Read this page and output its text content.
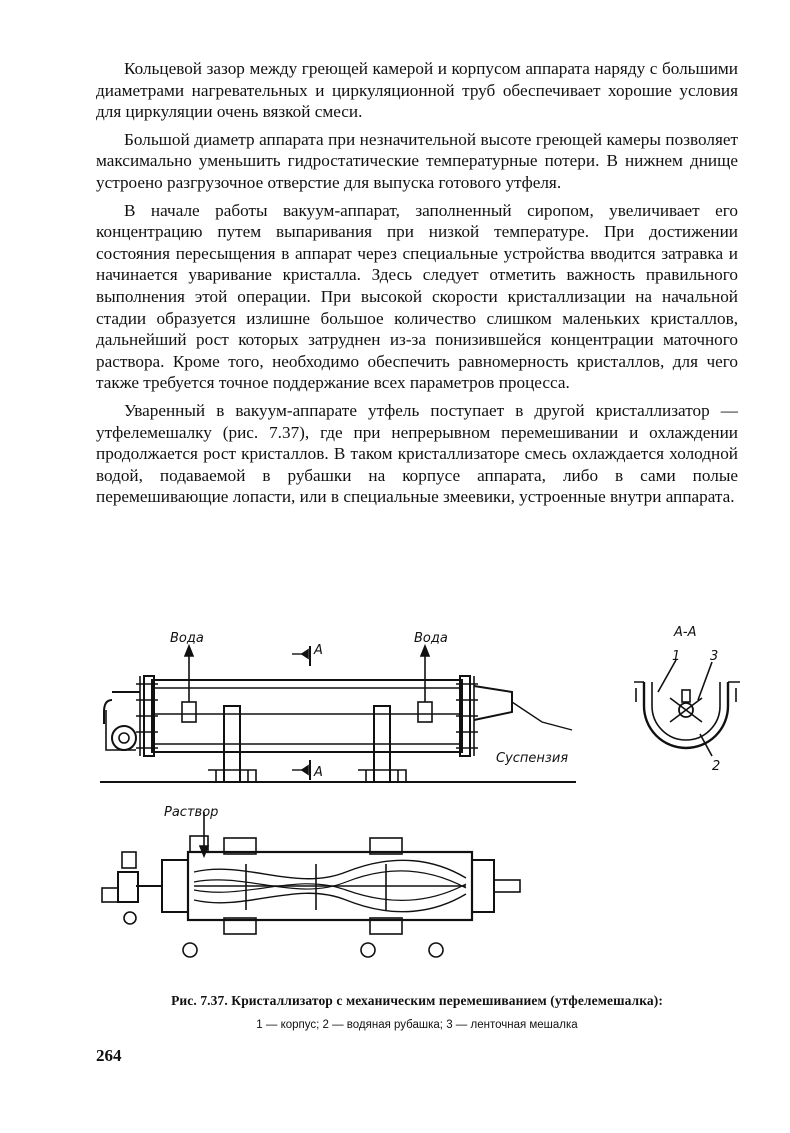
Кольцевой зазор между греющей камерой и корпусом аппарата наряду с большими диаметрами нагревательных и циркуляционной труб обеспечивает хорошие условия для циркуляции очень вязкой смеси.

Большой диаметр аппарата при незначительной высоте греющей камеры позволяет максимально уменьшить гидростатические температурные потери. В нижнем днище устроено разгрузочное отверстие для выпуска готового утфеля.

В начале работы вакуум-аппарат, заполненный сиропом, увеличивает его концентрацию путем выпаривания при низкой температуре. При достижении состояния пересыщения в аппарат через специальные устройства вводится затравка и начинается уваривание кристалла. Здесь следует отметить важность правильного выполнения этой операции. При высокой скорости кристаллизации на начальной стадии образуется излишне большое количество слишком маленьких кристаллов, дальнейший рост которых затруднен из-за понизившейся концентрации маточного раствора. Кроме того, необходимо обеспечить равномерность кристаллов, для чего также требуется точное поддержание всех параметров процесса.

Уваренный в вакуум-аппарате утфель поступает в другой кристаллизатор — утфелемешалку (рис. 7.37), где при непрерывном перемешивании и охлаждении продолжается рост кристаллов. В таком кристаллизаторе смесь охлаждается холодной водой, подаваемой в рубашки на корпусе аппарата, либо в сами полые перемешивающие лопасти, или в специальные змеевики, устроенные внутри аппарата.

Вода	Вода
А
А
Суспензия
Раствор
А-А
1 3
2
Рис. 7.37. Кристаллизатор с механическим перемешиванием (утфелемешалка):
1 — корпус; 2 — водяная рубашка; 3 — ленточная мешалка
264
